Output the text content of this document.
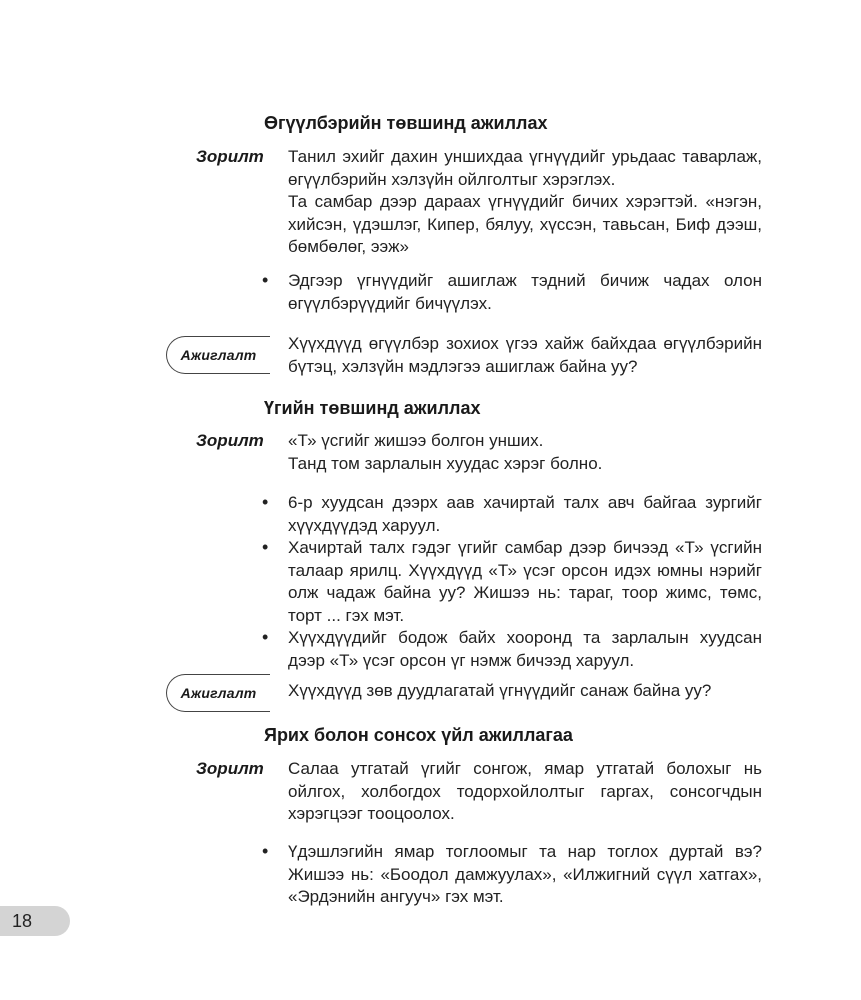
Өгүүлбэрийн төвшинд ажиллах
Зорилт Танил эхийг дахин уншихдаа үгнүүдийг урьдаас таварлаж, өгүүлбэрийн хэлзүйн ойлголтыг хэрэглэх.

Та самбар дээр дараах үгнүүдийг бичих хэрэгтэй. «нэгэн, хийсэн, үдэшлэг, Кипер, бялуу, хүссэн, тавьсан, Биф дээш, бөмбөлөг, ээж»

• Эдгээр үгнүүдийг ашиглаж тэдний бичиж чадах олон өгүүлбэрүүдийг бичүүлэх.
Ажиглалт

Хүүхдүүд өгүүлбэр зохиох үгээ хайж байхдаа өгүүлбэрийн бүтэц, хэлзүйн мэдлэгээ ашиглаж байна уу?

Үгийн төвшинд ажиллах
Зорилт «Т» үсгийг жишээ болгон унших.

Танд том зарлалын хуудас хэрэг болно.

• 6-р хуудсан дээрх аав хачиртай талх авч байгаа зургийг хүүхдүүдэд харуул.
• Хачиртай талх гэдэг үгийг самбар дээр бичээд «Т» үсгийн талаар ярилц. Хүүхдүүд «Т» үсэг орсон идэх юмны нэрийг олж чадаж байна уу? Жишээ нь: тараг, тоор жимс, төмс, торт ... гэх мэт.
• Хүүхдүүдийг бодож байх хооронд та зарлалын хуудсан дээр «Т» үсэг орсон үг нэмж бичээд харуул.
Ажиглалт Хүүхдүүд зөв дуудлагатай үгнүүдийг санаж байна уу?

Ярих болон сонсох үйл ажиллагаа
Зорилт Салаа утгатай үгийг сонгож, ямар утгатай болохыг нь ойлгох, холбогдох тодорхойлолтыг гаргах, сонсогчдын хэрэгцээг тооцоолох.

• Үдэшлэгийн ямар тоглоомыг та нар тоглох дуртай вэ? Жишээ нь: «Боодол дамжуулах», «Илжигний сүүл хатгах», «Эрдэнийн ангууч» гэх мэт.
18
